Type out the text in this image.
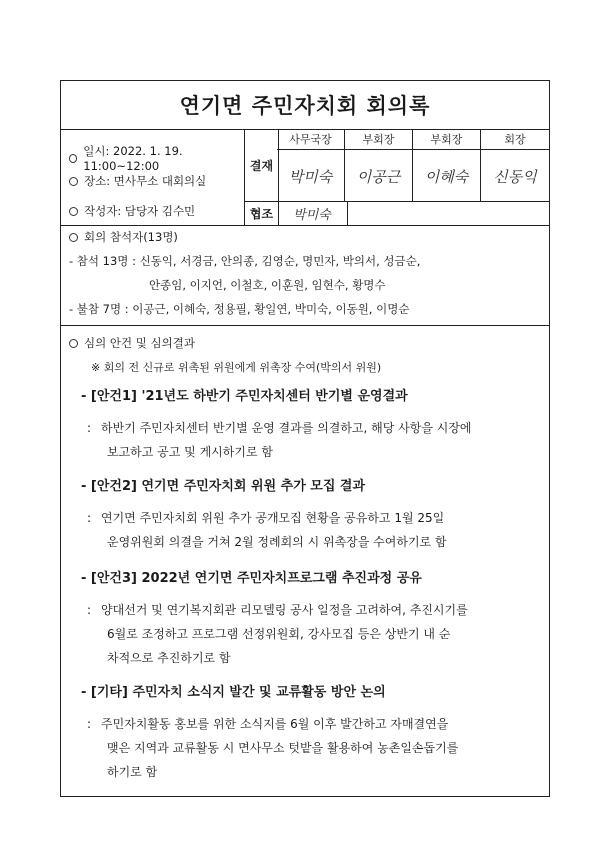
연기면 주민자치회 회의록
일시: 2022. 1. 19. 11:00~12:00
장소: 면사무소 대회의실
작성자: 담당자 김수민
결재
사무국장
박미숙
부회장
이공근
부회장
이혜숙
회장
신동익
협조	박미숙
회의 참석자(13명)
- 참석 13명 : 신동익, 서경금, 안의종, 김영순, 명민자, 박의서, 성금순,
안종임, 이지언, 이철호, 이훈원, 임현수, 황명수
- 불참 7명 : 이공근, 이혜숙, 정용필, 황일연, 박미숙, 이동원, 이명순
심의 안건 및 심의결과
※ 회의 전 신규로 위촉된 위원에게 위촉장 수여(박의서 위원)
- [안건1] '21년도 하반기 주민자치센터 반기별 운영결과
: 하반기 주민자치센터 반기별 운영 결과를 의결하고, 해당 사항을 시장에
보고하고 공고 및 게시하기로 함
- [안건2] 연기면 주민자치회 위원 추가 모집 결과
: 연기면 주민자치회 위원 추가 공개모집 현황을 공유하고 1월 25일
운영위원회 의결을 거쳐 2월 정례회의 시 위촉장을 수여하기로 함
- [안건3] 2022년 연기면 주민자치프로그램 추진과정 공유
: 양대선거 및 연기복지회관 리모델링 공사 일정을 고려하여, 추진시기를
6월로 조정하고 프로그램 선정위원회, 강사모집 등은 상반기 내 순
차적으로 추진하기로 함
- [기타] 주민자치 소식지 발간 및 교류활동 방안 논의
: 주민자치활동 홍보를 위한 소식지를 6월 이후 발간하고 자매결연을
맺은 지역과 교류활동 시 면사무소 텃밭을 활용하여 농촌일손돕기를
하기로 함
